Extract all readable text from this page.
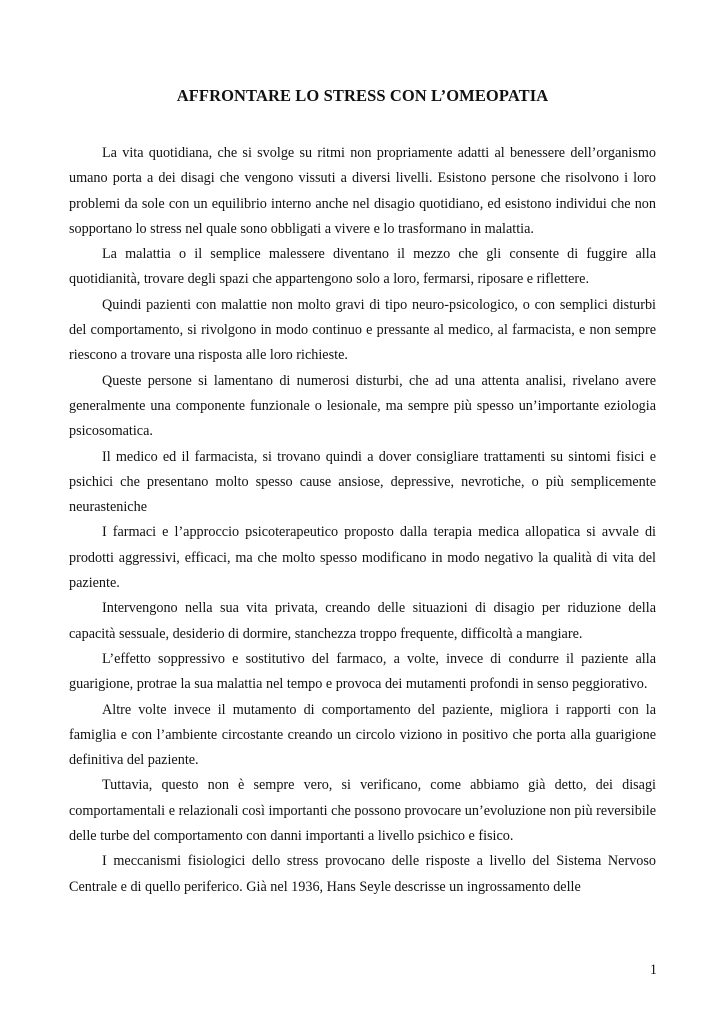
AFFRONTARE LO STRESS CON L’OMEOPATIA

La vita quotidiana, che si svolge su ritmi non propriamente adatti al benessere dell’organismo umano porta a dei disagi che vengono vissuti a diversi livelli. Esistono persone che risolvono i loro problemi da sole con un equilibrio interno anche nel disagio quotidiano, ed esistono individui che non sopportano lo stress nel quale sono obbligati a vivere e lo trasformano in malattia.

La malattia o il semplice malessere diventano il mezzo che gli consente di fuggire alla quotidianità, trovare degli spazi che appartengono solo a loro, fermarsi, riposare e riflettere.

Quindi pazienti con malattie non molto gravi di tipo neuro-psicologico, o con semplici disturbi del comportamento, si rivolgono in modo continuo e pressante al medico, al farmacista, e non sempre riescono a trovare una risposta alle loro richieste.

Queste persone si lamentano di numerosi disturbi, che ad una attenta analisi, rivelano avere generalmente una componente funzionale o lesionale, ma sempre più spesso un’importante eziologia psicosomatica.

Il medico ed il farmacista, si trovano quindi a dover consigliare trattamenti su sintomi fisici e psichici che presentano molto spesso cause ansiose, depressive, nevrotiche, o più semplicemente neurasteniche

I farmaci e l’approccio psicoterapeutico proposto dalla terapia medica allopatica si avvale di prodotti aggressivi, efficaci, ma che molto spesso modificano in modo negativo la qualità di vita del paziente.

Intervengono nella sua vita privata, creando delle situazioni di disagio per riduzione della capacità sessuale, desiderio di dormire, stanchezza troppo frequente, difficoltà a mangiare.

L’effetto soppressivo e sostitutivo del farmaco, a volte, invece di condurre il paziente alla guarigione, protrae la sua malattia nel tempo e provoca dei mutamenti profondi in senso peggiorativo.

Altre volte invece il mutamento di comportamento del paziente, migliora i rapporti con la famiglia e con l’ambiente circostante creando un circolo viziono in positivo che porta alla guarigione definitiva del paziente.

Tuttavia, questo non è sempre vero, si verificano, come abbiamo già detto, dei disagi comportamentali e relazionali così importanti che possono provocare un’evoluzione non più reversibile delle turbe del comportamento con danni importanti a livello psichico e fisico.

I meccanismi fisiologici dello stress provocano delle risposte a livello del Sistema Nervoso Centrale e di quello periferico. Già nel 1936, Hans Seyle descrisse un ingrossamento delle

1
